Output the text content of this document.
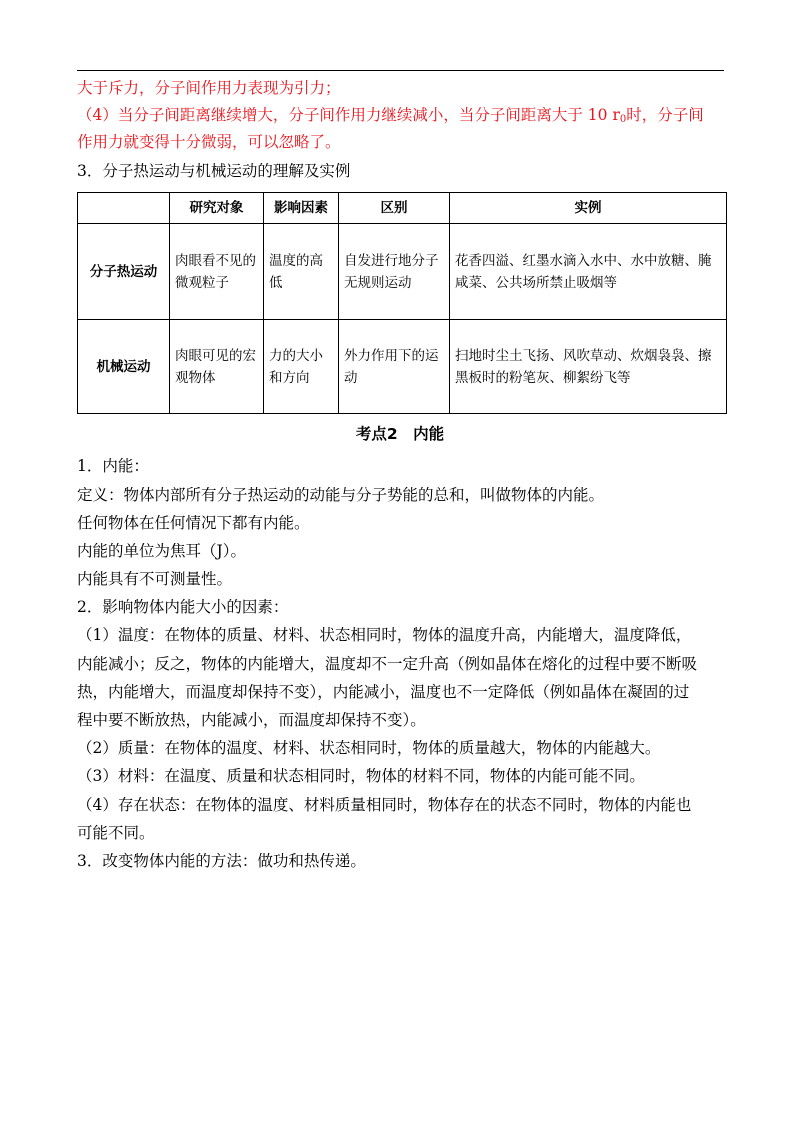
大于斥力，分子间作用力表现为引力；
（4）当分子间距离继续增大，分子间作用力继续减小，当分子间距离大于 10 $r_0$时，分子间
作用力就变得十分微弱，可以忽略了。
3．分子热运动与机械运动的理解及实例
	研究对象	影响因素	区别	实例
分子热运动	肉眼看不见的微观粒子	温度的高低	自发进行地分子无规则运动	花香四溢、红墨水滴入水中、水中放糖、腌咸菜、公共场所禁止吸烟等
机械运动	肉眼可见的宏观物体	力的大小和方向	外力作用下的运动	扫地时尘土飞扬、风吹草动、炊烟袅袅、擦黑板时的粉笔灰、柳絮纷飞等
考点2　内能
1．内能：
定义：物体内部所有分子热运动的动能与分子势能的总和，叫做物体的内能。
任何物体在任何情况下都有内能。
内能的单位为焦耳（J）。
内能具有不可测量性。
2．影响物体内能大小的因素：
（1）温度：在物体的质量、材料、状态相同时，物体的温度升高，内能增大，温度降低，
内能减小；反之，物体的内能增大，温度却不一定升高（例如晶体在熔化的过程中要不断吸
热，内能增大，而温度却保持不变），内能减小，温度也不一定降低（例如晶体在凝固的过
程中要不断放热，内能减小，而温度却保持不变）。
（2）质量：在物体的温度、材料、状态相同时，物体的质量越大，物体的内能越大。
（3）材料：在温度、质量和状态相同时，物体的材料不同，物体的内能可能不同。
（4）存在状态：在物体的温度、材料质量相同时，物体存在的状态不同时，物体的内能也
可能不同。
3．改变物体内能的方法：做功和热传递。
